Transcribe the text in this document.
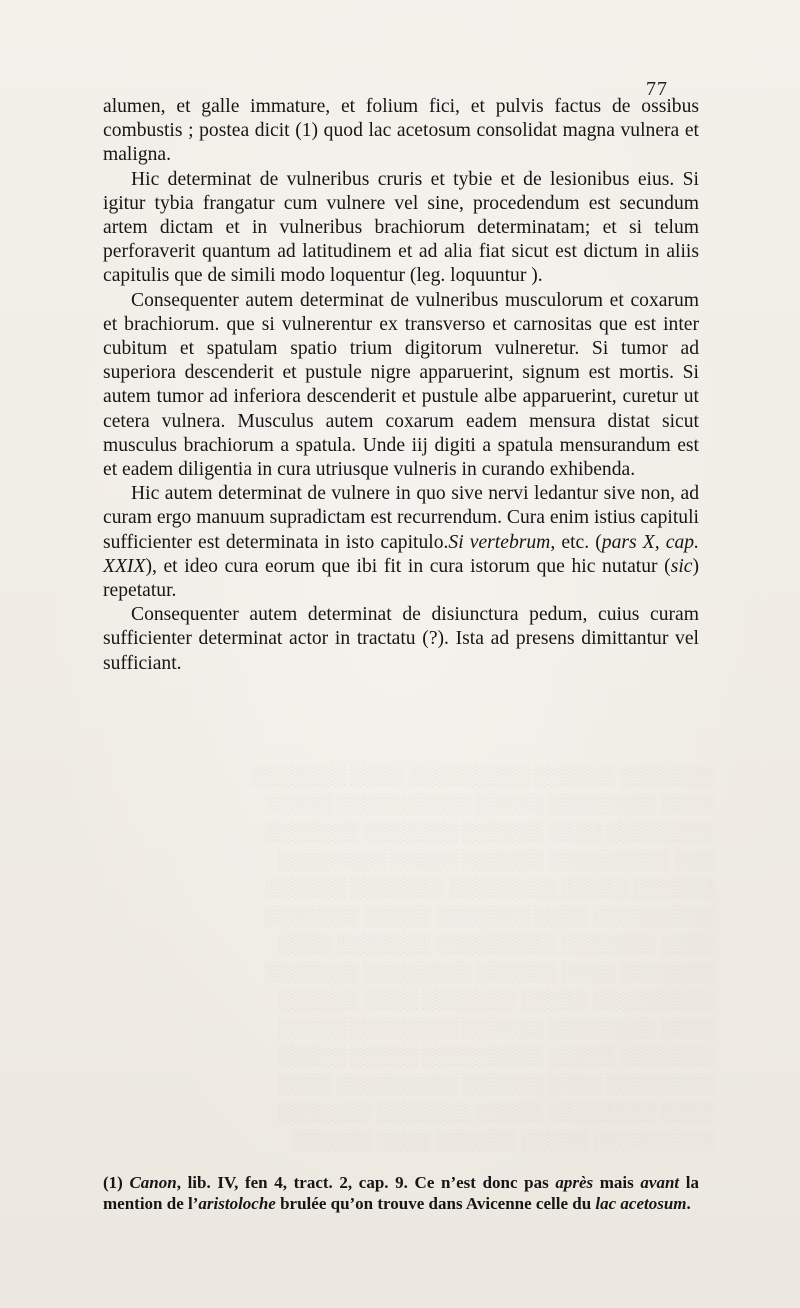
░░░░░░░ ░░░░░░ ░░░░░░░░░ ░░░░ ░░░░░░░
░░░░ ░░░░░░░░ ░░░░░ ░░░░░░░░░░ ░░░░░
░░░░░░░░ ░░░░ ░░░░░░ ░░░░░░░ ░░░░░░░
░░░ ░░░░░░░░░ ░░░░░░ ░░░░░ ░░░░░░░░
░░░░░░ ░░░░░ ░░░░░░░░ ░░░░░░░ ░░░░░░
░░░░░░░░░ ░░░░ ░░░░░░░ ░░░░░ ░░░░░░░
░░░░ ░░░░░░░ ░░░░░░░░░ ░░░░░░░ ░░░░
░░░░░░░ ░░░░ ░░░░░░ ░░░░░░░░ ░░░░░░░
░░░░░░░░░ ░░░░░ ░░░░░░░ ░░░░ ░░░░░░
░░░░ ░░░░░░░░ ░░░░░░ ░░░░░░░░ ░░░░░
░░░░░░░ ░░░░░ ░░░░░░░░░ ░░░░░ ░░░░░
░░░░░░░░ ░░░░ ░░░░░░ ░░░░░░░░░ ░░░░
░░░░ ░░░░░░░░ ░░░░░ ░░░░░░░ ░░░░░░░
░░░░░░░░░ ░░░░░ ░░░░░░ ░░░░ ░░░░░░

77

alumen, et galle immature, et folium fici, et pulvis factus de ossibus combustis ; postea dicit (1) quod lac acetosum consolidat magna vulnera et maligna.

Hic determinat de vulneribus cruris et tybie et de lesionibus eius. Si igitur tybia frangatur cum vulnere vel sine, procedendum est secundum artem dictam et in vulneribus brachiorum determinatam; et si telum perforaverit quantum ad latitudinem et ad alia fiat sicut est dictum in aliis capitulis que de simili modo loquentur (leg. loquuntur ).

Consequenter autem determinat de vulneribus musculorum et coxarum et brachiorum. que si vulnerentur ex transverso et carnositas que est inter cubitum et spatulam spatio trium digitorum vulneretur. Si tumor ad superiora descenderit et pustule nigre apparuerint, signum est mortis. Si autem tumor ad inferiora descenderit et pustule albe apparuerint, curetur ut cetera vulnera. Musculus autem coxarum eadem mensura distat sicut musculus brachiorum a spatula. Unde iij digiti a spatula mensurandum est et eadem diligentia in cura utriusque vulneris in curando exhibenda.

Hic autem determinat de vulnere in quo sive nervi ledantur sive non, ad curam ergo manuum supradictam est recurrendum. Cura enim istius capituli sufficienter est determinata in isto capitulo.Si vertebrum, etc. (pars X, cap. XXIX), et ideo cura eorum que ibi fit in cura istorum que hic nutatur (sic) repetatur.

Consequenter autem determinat de disiunctura pedum, cuius curam sufficienter determinat actor in tractatu (?). Ista ad presens dimittantur vel sufficiant.

(1) Canon, lib. IV, fen 4, tract. 2, cap. 9. Ce n’est donc pas après mais avant la mention de l’aristoloche brulée qu’on trouve dans Avicenne celle du lac acetosum.
